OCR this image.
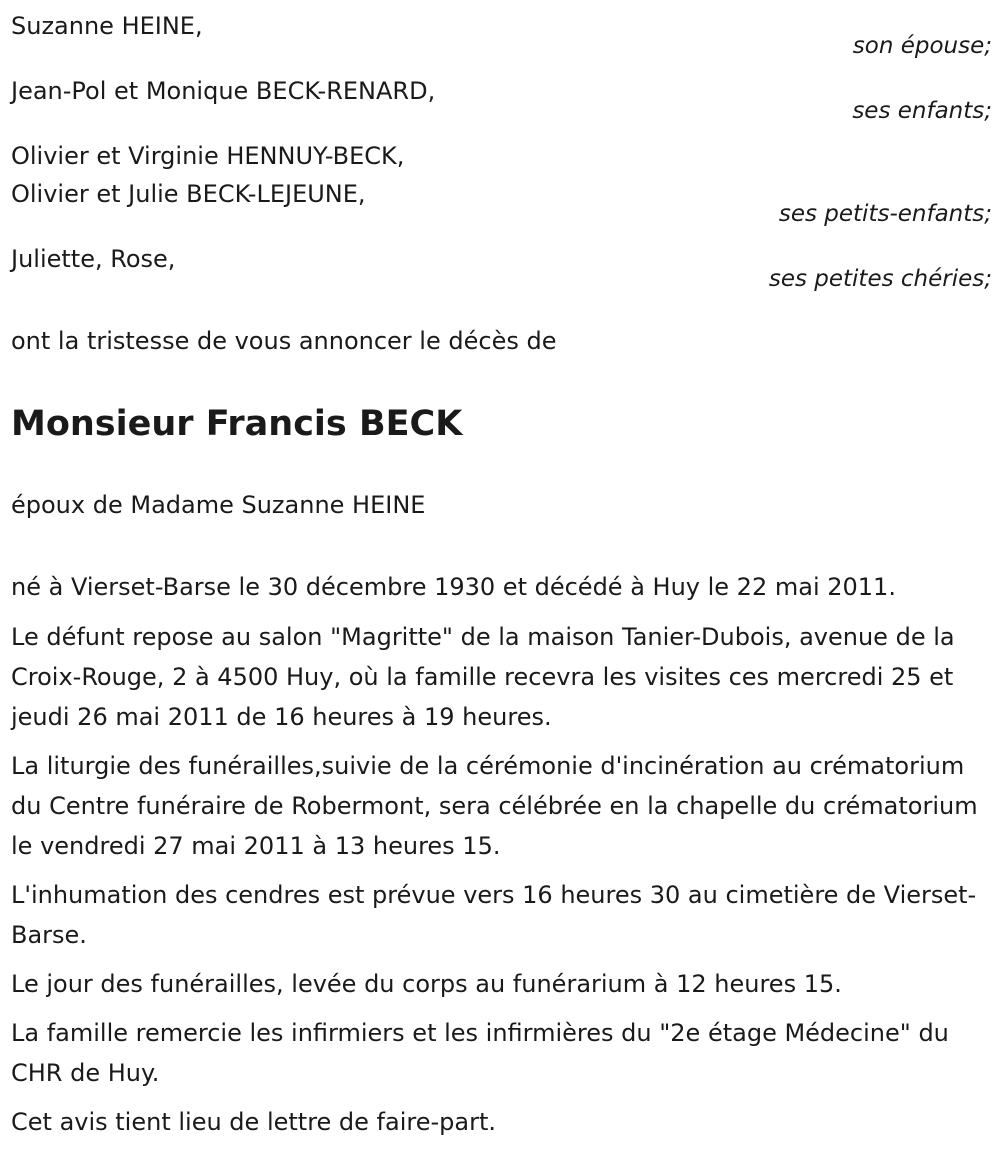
Suzanne HEINE,
son épouse;
Jean-Pol et Monique BECK-RENARD,
ses enfants;
Olivier et Virginie HENNUY-BECK,
Olivier et Julie BECK-LEJEUNE,
ses petits-enfants;
Juliette, Rose,
ses petites chéries;

ont la tristesse de vous annoncer le décès de

Monsieur Francis BECK

époux de Madame Suzanne HEINE

né à Vierset-Barse le 30 décembre 1930 et décédé à Huy le 22 mai 2011.

Le défunt repose au salon "Magritte" de la maison Tanier-Dubois, avenue de la Croix-Rouge, 2 à 4500 Huy, où la famille recevra les visites ces mercredi 25 et jeudi 26 mai 2011 de 16 heures à 19 heures.

La liturgie des funérailles,suivie de la cérémonie d'incinération au crématorium du Centre funéraire de Robermont, sera célébrée en la chapelle du crématorium le vendredi 27 mai 2011 à 13 heures 15.

L'inhumation des cendres est prévue vers 16 heures 30 au cimetière de Vierset-Barse.

Le jour des funérailles, levée du corps au funérarium à 12 heures 15.

La famille remercie les infirmiers et les infirmières du "2e étage Médecine" du CHR de Huy.

Cet avis tient lieu de lettre de faire-part.
